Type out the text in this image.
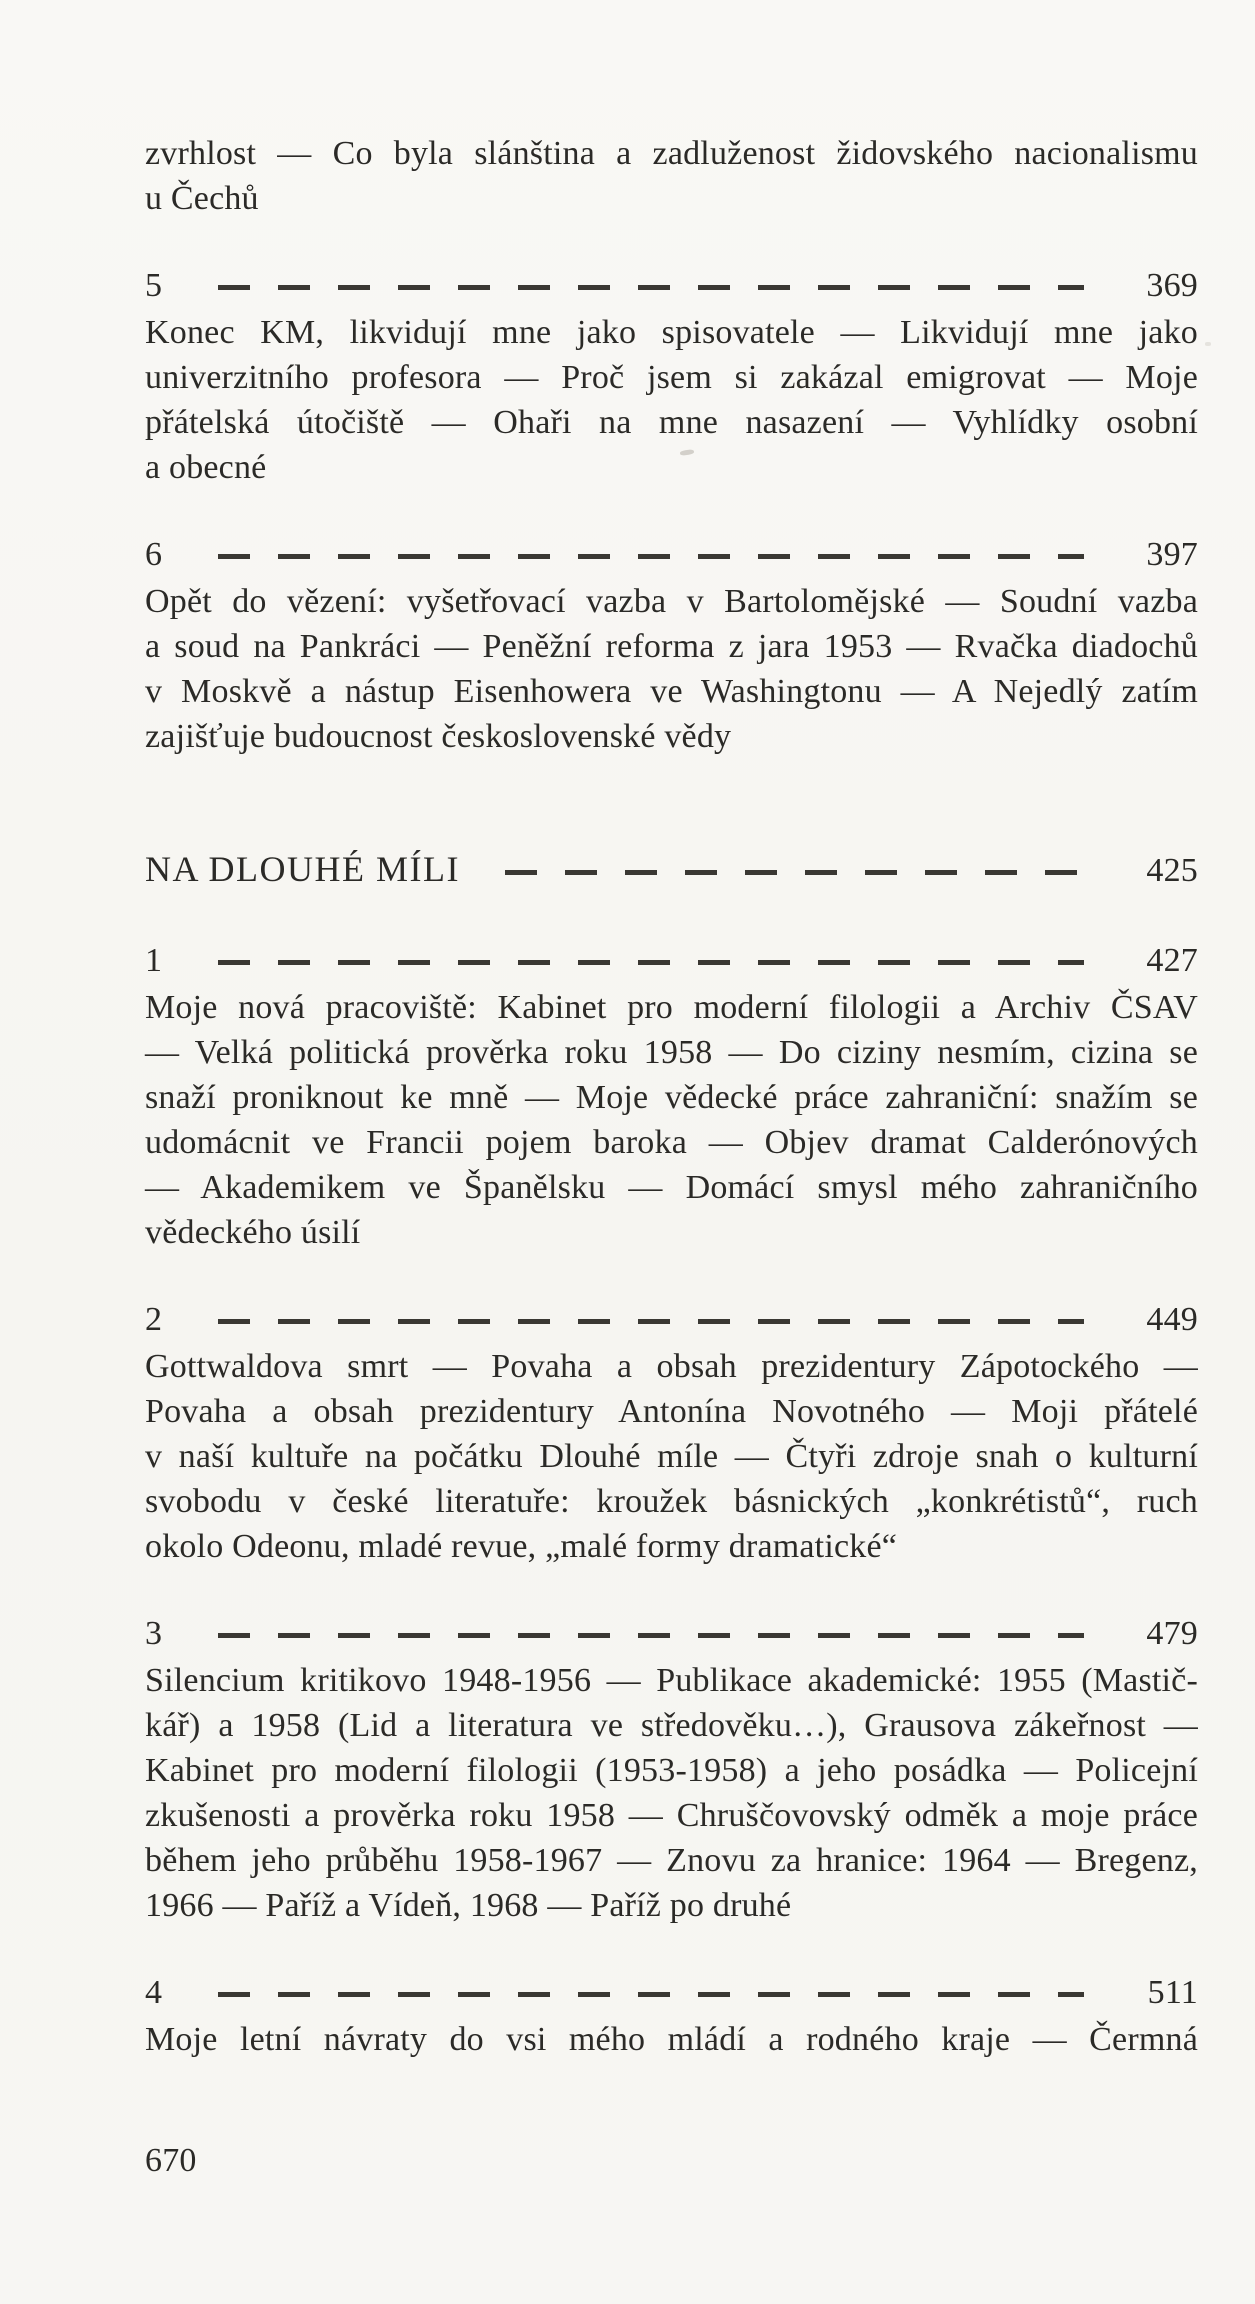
zvrhlost — Co byla slánština a zadluženost židovského nacionalismu
u Čechů
5	369
Konec KM, likvidují mne jako spisovatele — Likvidují mne jako
univerzitního profesora — Proč jsem si zakázal emigrovat — Moje
přátelská útočiště — Ohaři na mne nasazení — Vyhlídky osobní
a obecné
6	397
Opět do vězení: vyšetřovací vazba v Bartolomějské — Soudní vazba
a soud na Pankráci — Peněžní reforma z jara 1953 — Rvačka diadochů
v Moskvě a nástup Eisenhowera ve Washingtonu — A Nejedlý zatím
zajišťuje budoucnost československé vědy
NA DLOUHÉ MÍLI	425
1	427
Moje nová pracoviště: Kabinet pro moderní filologii a Archiv ČSAV
— Velká politická prověrka roku 1958 — Do ciziny nesmím, cizina se
snaží proniknout ke mně — Moje vědecké práce zahraniční: snažím se
udomácnit ve Francii pojem baroka — Objev dramat Calderónových
— Akademikem ve Španělsku — Domácí smysl mého zahraničního
vědeckého úsilí
2	449
Gottwaldova smrt — Povaha a obsah prezidentury Zápotockého —
Povaha a obsah prezidentury Antonína Novotného — Moji přátelé
v naší kultuře na počátku Dlouhé míle — Čtyři zdroje snah o kulturní
svobodu v české literatuře: kroužek básnických „konkrétistů“, ruch
okolo Odeonu, mladé revue, „malé formy dramatické“
3	479
Silencium kritikovo 1948-1956 — Publikace akademické: 1955 (Mastič-
kář) a 1958 (Lid a literatura ve středověku…), Grausova zákeřnost —
Kabinet pro moderní filologii (1953-1958) a jeho posádka — Policejní
zkušenosti a prověrka roku 1958 — Chruščovovský odměk a moje práce
během jeho průběhu 1958-1967 — Znovu za hranice: 1964 — Bregenz,
1966 — Paříž a Vídeň, 1968 — Paříž po druhé
4	511
Moje letní návraty do vsi mého mládí a rodného kraje — Čermná
670
